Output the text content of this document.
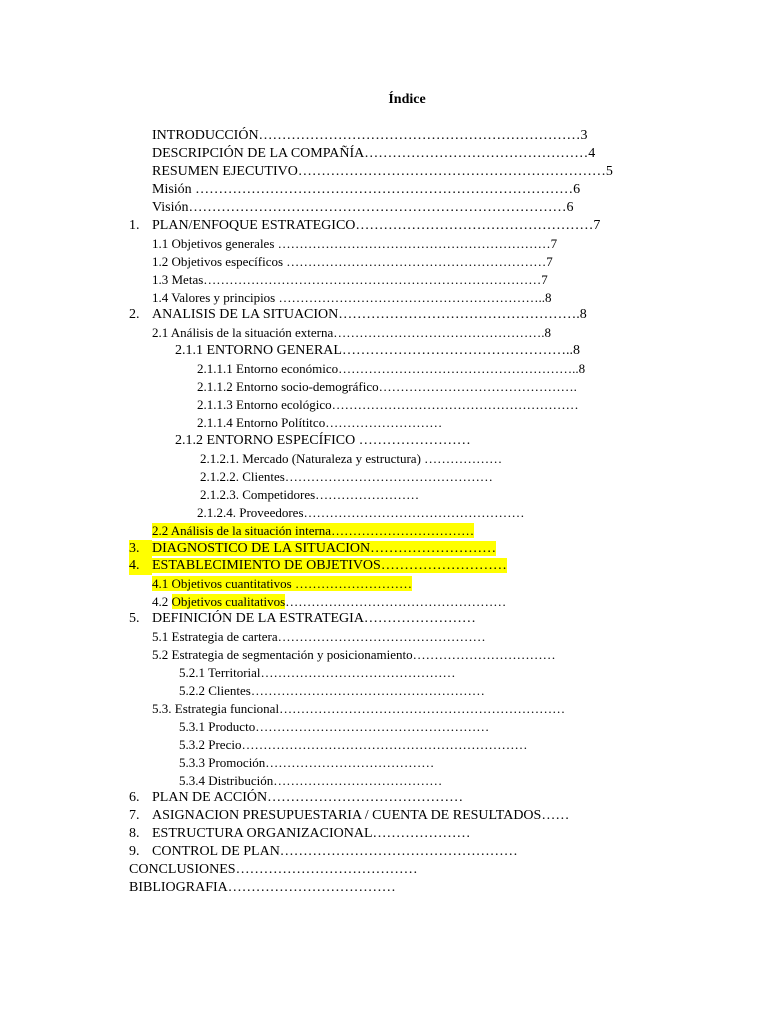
Índice
INTRODUCCIÓN……………………………………………………………3
DESCRIPCIÓN DE LA COMPAÑÍA…………………………………………4
RESUMEN EJECUTIVO…………………………………………………………5
Misión ………………………………………………………………………6
Visión………………………………………………………………………6
1. PLAN/ENFOQUE ESTRATEGICO……………………………………………7
1.1 Objetivos generales ………………………………………………………7
1.2 Objetivos específicos ……………………………………………………7
1.3 Metas……………………………………………………………………7
1.4 Valores y principios ……………………………………………………..8
2. ANALISIS DE LA SITUACION…………………………………………….8
2.1 Análisis de la situación externa………………………………………….8
2.1.1 ENTORNO GENERAL…………………………………………..8
2.1.1.1 Entorno económico………………………………………………..8
2.1.1.2 Entorno socio-demográfico……………………………………….
2.1.1.3 Entorno ecológico…………………………………………………
2.1.1.4 Entorno Polítitco………………………
2.1.2 ENTORNO ESPECÍFICO ……………………
2.1.2.1. Mercado (Naturaleza y estructura) ………………
2.1.2.2. Clientes…………………………………………
2.1.2.3. Competidores……………………
2.1.2.4. Proveedores……………………………………………
2.2 Análisis de la situación interna……………………………
3. DIAGNOSTICO DE LA SITUACION………………………
4. ESTABLECIMIENTO DE OBJETIVOS………………………
4.1 Objetivos cuantitativos ………………………
4.2 Objetivos cualitativos……………………………………………
5. DEFINICIÓN DE LA ESTRATEGIA……………………
5.1 Estrategia de cartera…………………………………………
5.2 Estrategia de segmentación y posicionamiento……………………………
5.2.1 Territorial………………………………………
5.2.2 Clientes………………………………………………
5.3. Estrategia funcional…………………………………………………………
5.3.1 Producto………………………………………………
5.3.2 Precio…………………………………………………………
5.3.3 Promoción…………………………………
5.3.4 Distribución…………………………………
6. PLAN DE ACCIÓN……………………………………
7. ASIGNACION PRESUPUESTARIA / CUENTA DE RESULTADOS……
8. ESTRUCTURA ORGANIZACIONAL…………………
9. CONTROL DE PLAN……………………………………………
CONCLUSIONES…………………………………
BIBLIOGRAFIA………………………………
